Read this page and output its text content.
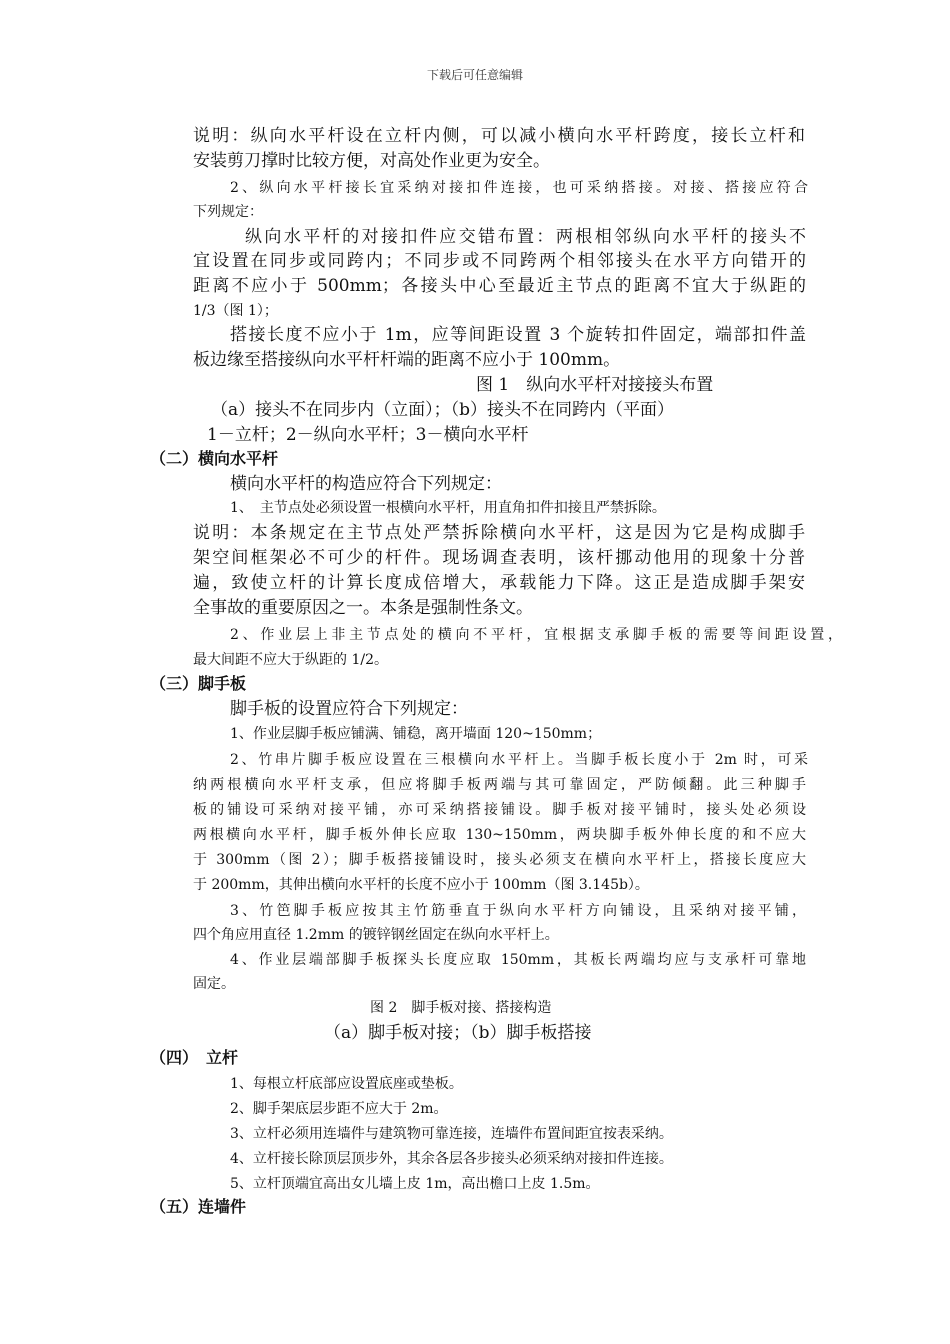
下载后可任意编辑
说明：纵向水平杆设在立杆内侧，可以减小横向水平杆跨度，接长立杆和
安装剪刀撑时比较方便，对高处作业更为安全。
2、纵向水平杆接长宜采纳对接扣件连接，也可采纳搭接。对接、搭接应符合
下列规定：
纵向水平杆的对接扣件应交错布置：两根相邻纵向水平杆的接头不
宜设置在同步或同跨内；不同步或不同跨两个相邻接头在水平方向错开的
距离不应小于 500mm；各接头中心至最近主节点的距离不宜大于纵距的
1/3（图 1）；
搭接长度不应小于 1m，应等间距设置 3 个旋转扣件固定，端部扣件盖
板边缘至搭接纵向水平杆杆端的距离不应小于 100mm。
图 1　纵向水平杆对接接头布置
（a）接头不在同步内（立面）；（b）接头不在同跨内（平面）
1－立杆；2－纵向水平杆；3－横向水平杆
（二）横向水平杆
横向水平杆的构造应符合下列规定：
1、　主节点处必须设置一根横向水平杆，用直角扣件扣接且严禁拆除。
说明：本条规定在主节点处严禁拆除横向水平杆，这是因为它是构成脚手
架空间框架必不可少的杆件。现场调查表明，该杆挪动他用的现象十分普
遍，致使立杆的计算长度成倍增大，承载能力下降。这正是造成脚手架安
全事故的重要原因之一。本条是强制性条文。
2、作业层上非主节点处的横向不平杆，宜根据支承脚手板的需要等间距设置，
最大间距不应大于纵距的 1/2。
（三）脚手板
脚手板的设置应符合下列规定：
1、作业层脚手板应铺满、铺稳，离开墙面 120~150mm；
2、竹串片脚手板应设置在三根横向水平杆上。当脚手板长度小于 2m 时，可采
纳两根横向水平杆支承，但应将脚手板两端与其可靠固定，严防倾翻。此三种脚手
板的铺设可采纳对接平铺，亦可采纳搭接铺设。脚手板对接平铺时，接头处必须设
两根横向水平杆，脚手板外伸长应取 130~150mm，两块脚手板外伸长度的和不应大
于 300mm（图 2）；脚手板搭接铺设时，接头必须支在横向水平杆上，搭接长度应大
于 200mm，其伸出横向水平杆的长度不应小于 100mm（图 3.145b）。
3、竹笆脚手板应按其主竹筋垂直于纵向水平杆方向铺设，且采纳对接平铺，
四个角应用直径 1.2mm 的镀锌钢丝固定在纵向水平杆上。
4、作业层端部脚手板探头长度应取 150mm，其板长两端均应与支承杆可靠地
固定。
图 2　脚手板对接、搭接构造
（a）脚手板对接；（b）脚手板搭接
（四）　立杆
1、每根立杆底部应设置底座或垫板。
2、脚手架底层步距不应大于 2m。
3、立杆必须用连墙件与建筑物可靠连接，连墙件布置间距宜按表采纳。
4、立杆接长除顶层顶步外，其余各层各步接头必须采纳对接扣件连接。
5、立杆顶端宜高出女儿墙上皮 1m，高出檐口上皮 1.5m。
（五）连墙件
